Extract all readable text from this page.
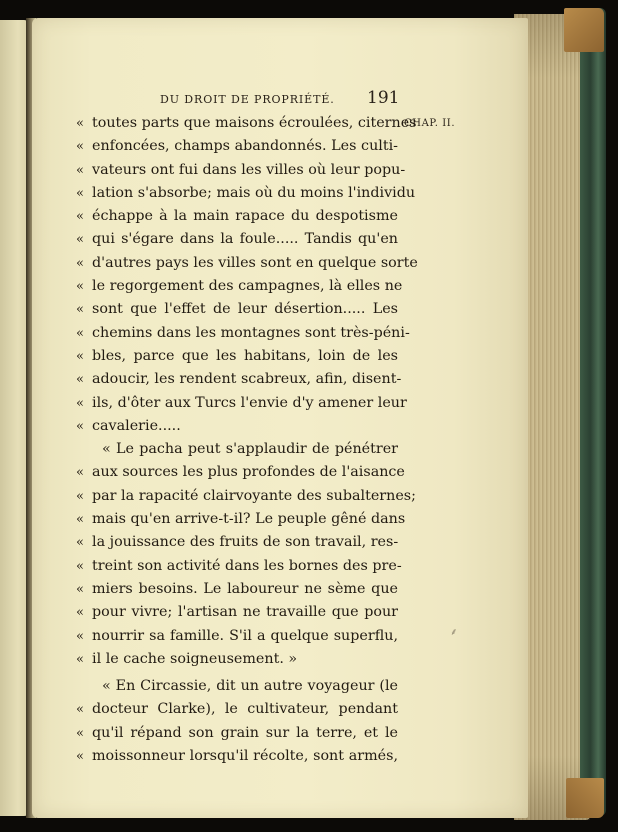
DU DROIT DE PROPRIÉTÉ. 191
CHAP. II.
« toutes parts que maisons écroulées, citernes
« enfoncées, champs abandonnés. Les culti-
« vateurs ont fui dans les villes où leur popu-
« lation s'absorbe; mais où du moins l'individu
« échappe à la main rapace du despotisme
« qui s'égare dans la foule..... Tandis qu'en
« d'autres pays les villes sont en quelque sorte
« le regorgement des campagnes, là elles ne
« sont que l'effet de leur désertion..... Les
« chemins dans les montagnes sont très-péni-
« bles, parce que les habitans, loin de les
« adoucir, les rendent scabreux, afin, disent-
« ils, d'ôter aux Turcs l'envie d'y amener leur
« cavalerie.....
« Le pacha peut s'applaudir de pénétrer
« aux sources les plus profondes de l'aisance
« par la rapacité clairvoyante des subalternes;
« mais qu'en arrive-t-il? Le peuple gêné dans
« la jouissance des fruits de son travail, res-
« treint son activité dans les bornes des pre-
« miers besoins. Le laboureur ne sème que
« pour vivre; l'artisan ne travaille que pour
« nourrir sa famille. S'il a quelque superflu,
« il le cache soigneusement. »
« En Circassie, dit un autre voyageur (le
« docteur Clarke), le cultivateur, pendant
« qu'il répand son grain sur la terre, et le
« moissonneur lorsqu'il récolte, sont armés,
⸙
